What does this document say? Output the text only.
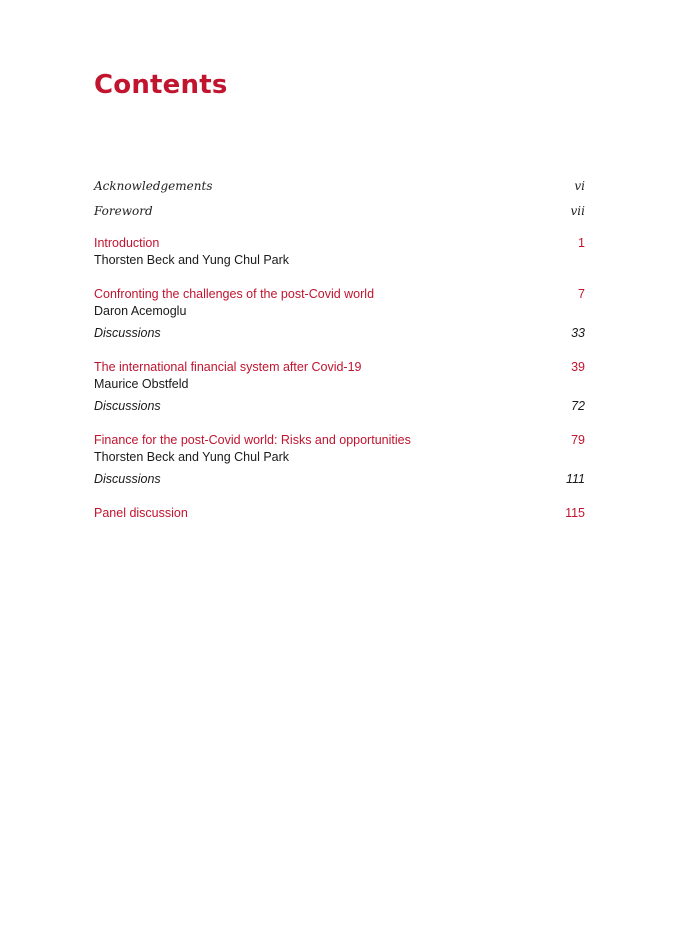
Contents
Acknowledgements	vi
Foreword	vii
Introduction	1
Thorsten Beck and Yung Chul Park
Confronting the challenges of the post-Covid world	7
Daron Acemoglu
Discussions	33
The international financial system after Covid-19	39
Maurice Obstfeld
Discussions	72
Finance for the post-Covid world: Risks and opportunities	79
Thorsten Beck and Yung Chul Park
Discussions	111
Panel discussion	115
